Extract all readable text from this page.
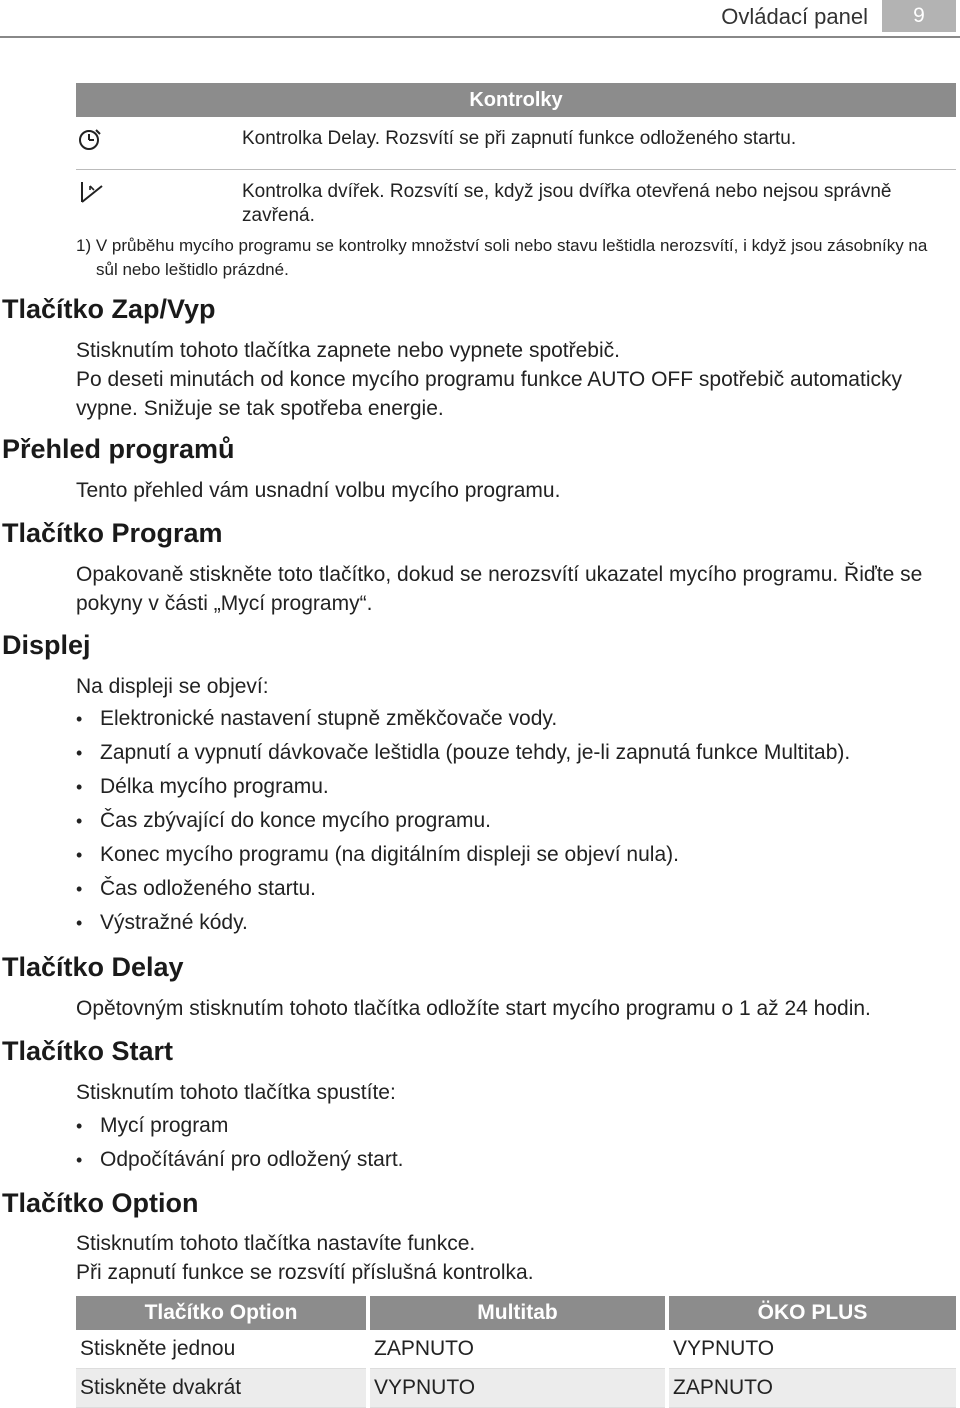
Ovládací panel	9
Kontrolky	
	Kontrolka Delay. Rozsvítí se při zapnutí funkce odloženého startu.
	Kontrolka dvířek. Rozsvítí se, když jsou dvířka otevřená nebo nejsou správně zavřená.
1) V průběhu mycího programu se kontrolky množství soli nebo stavu leštidla nerozsvítí, i když jsou zásobníky na
sůl nebo leštidlo prázdné.
Tlačítko Zap/Vyp

Stisknutím tohoto tlačítka zapnete nebo vypnete spotřebič.

Po deseti minutách od konce mycího programu funkce AUTO OFF spotřebič automaticky vypne. Snižuje se tak spotřeba energie.

Přehled programů

Tento přehled vám usnadní volbu mycího programu.

Tlačítko Program

Opakovaně stiskněte toto tlačítko, dokud se nerozsvítí ukazatel mycího programu. Řiďte se pokyny v části „Mycí programy“.

Displej

Na displeji se objeví:

• Elektronické nastavení stupně změkčovače vody.
• Zapnutí a vypnutí dávkovače leštidla (pouze tehdy, je-li zapnutá funkce Multitab).
• Délka mycího programu.
• Čas zbývající do konce mycího programu.
• Konec mycího programu (na digitálním displeji se objeví nula).
• Čas odloženého startu.
• Výstražné kódy.
Tlačítko Delay

Opětovným stisknutím tohoto tlačítka odložíte start mycího programu o 1 až 24 hodin.

Tlačítko Start

Stisknutím tohoto tlačítka spustíte:

• Mycí program
• Odpočítávání pro odložený start.
Tlačítko Option

Stisknutím tohoto tlačítka nastavíte funkce.

Při zapnutí funkce se rozsvítí příslušná kontrolka.

Tlačítko Option	Multitab	ÖKO PLUS
Stiskněte jednou	ZAPNUTO	VYPNUTO
Stiskněte dvakrát	VYPNUTO	ZAPNUTO
